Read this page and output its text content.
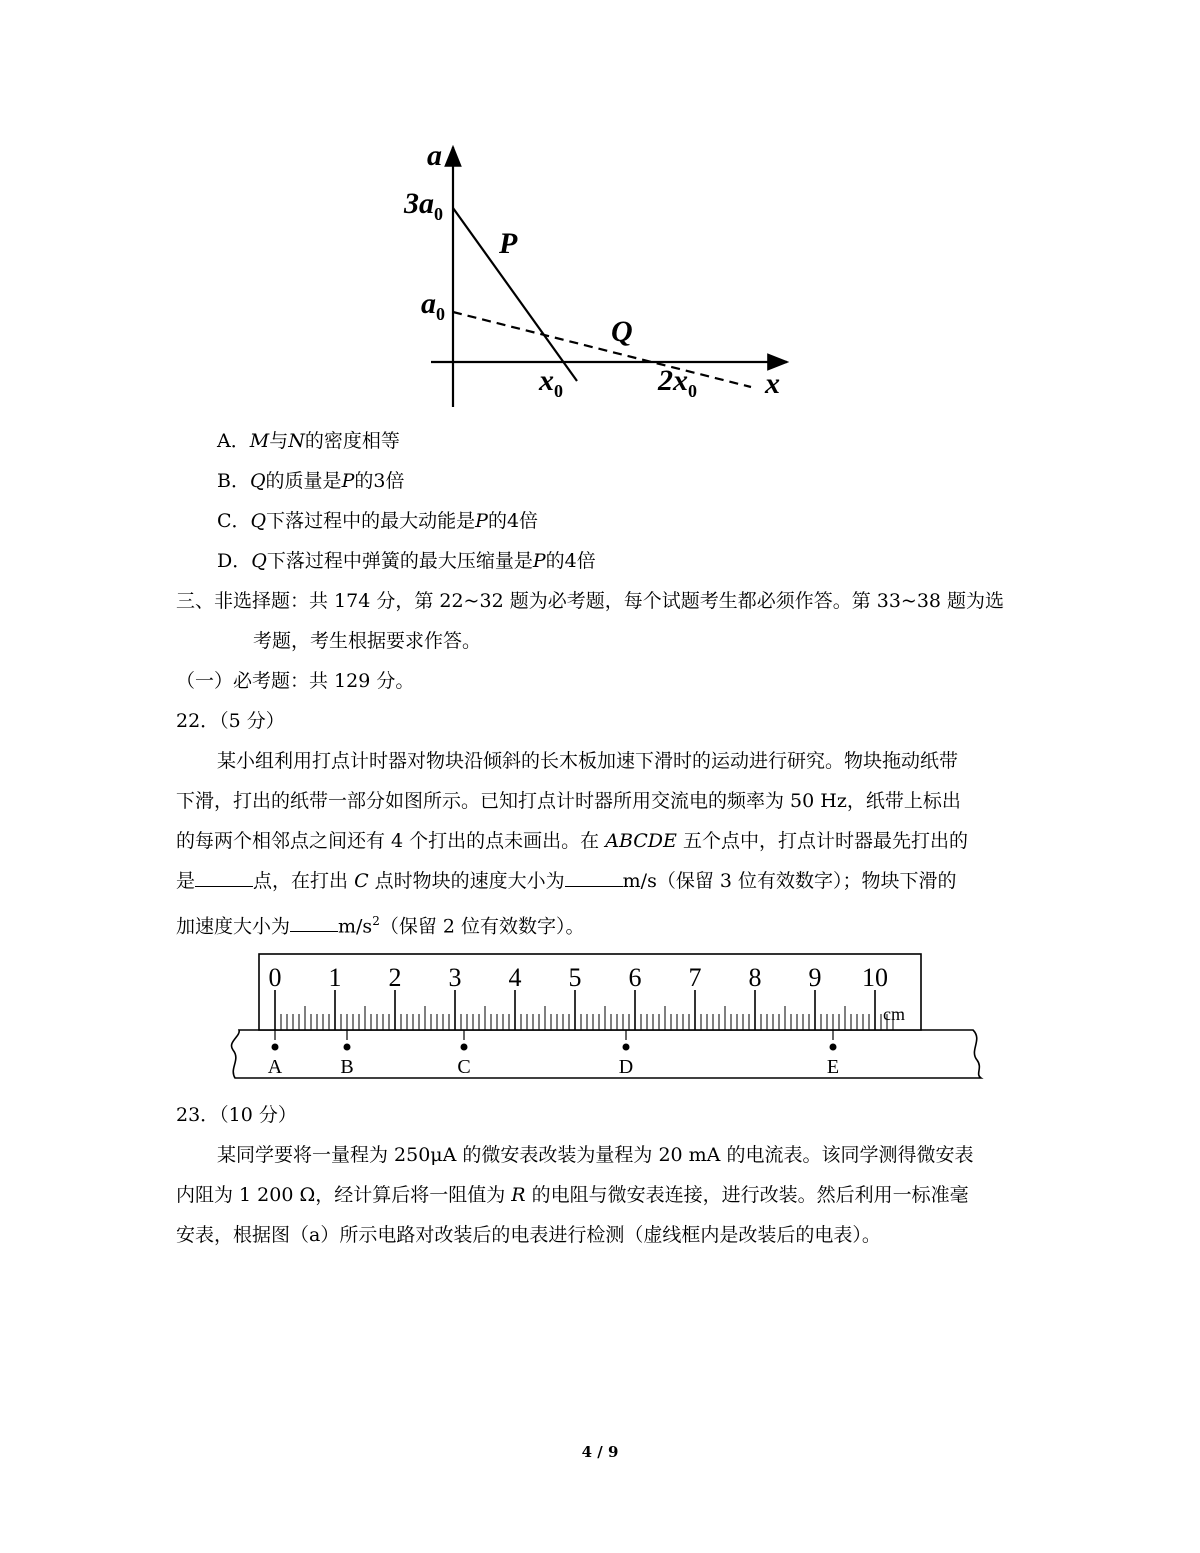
a
$3a_0$
$a_0$
P
Q
$x_0$	$2x_0$ x
A．M与N的密度相等
B．Q的质量是P的3倍
C．Q下落过程中的最大动能是P的4倍
D．Q下落过程中弹簧的最大压缩量是P的4倍
三、非选择题：共 174 分，第 22~32 题为必考题，每个试题考生都必须作答。第 33~38 题为选
考题，考生根据要求作答。
（一）必考题：共 129 分。
22．（5 分）
某小组利用打点计时器对物块沿倾斜的长木板加速下滑时的运动进行研究。物块拖动纸带
下滑，打出的纸带一部分如图所示。已知打点计时器所用交流电的频率为 50 Hz，纸带上标出
的每两个相邻点之间还有 4 个打出的点未画出。在 ABCDE 五个点中，打点计时器最先打出的
是	点，在打出 C 点时物块的速度大小为	m/s（保留 3 位有效数字）；物块下滑的
加速度大小为	$m/s^2$（保留 2 位有效数字）。
0 1 2 3 4 5 6 7 8 9 10
cm
A	B	C	D	E
23．（10 分）
某同学要将一量程为 250μA 的微安表改装为量程为 20 mA 的电流表。该同学测得微安表
内阻为 1 200 Ω，经计算后将一阻值为 R 的电阻与微安表连接，进行改装。然后利用一标准毫
安表，根据图（a）所示电路对改装后的电表进行检测（虚线框内是改装后的电表）。
4 / 9
